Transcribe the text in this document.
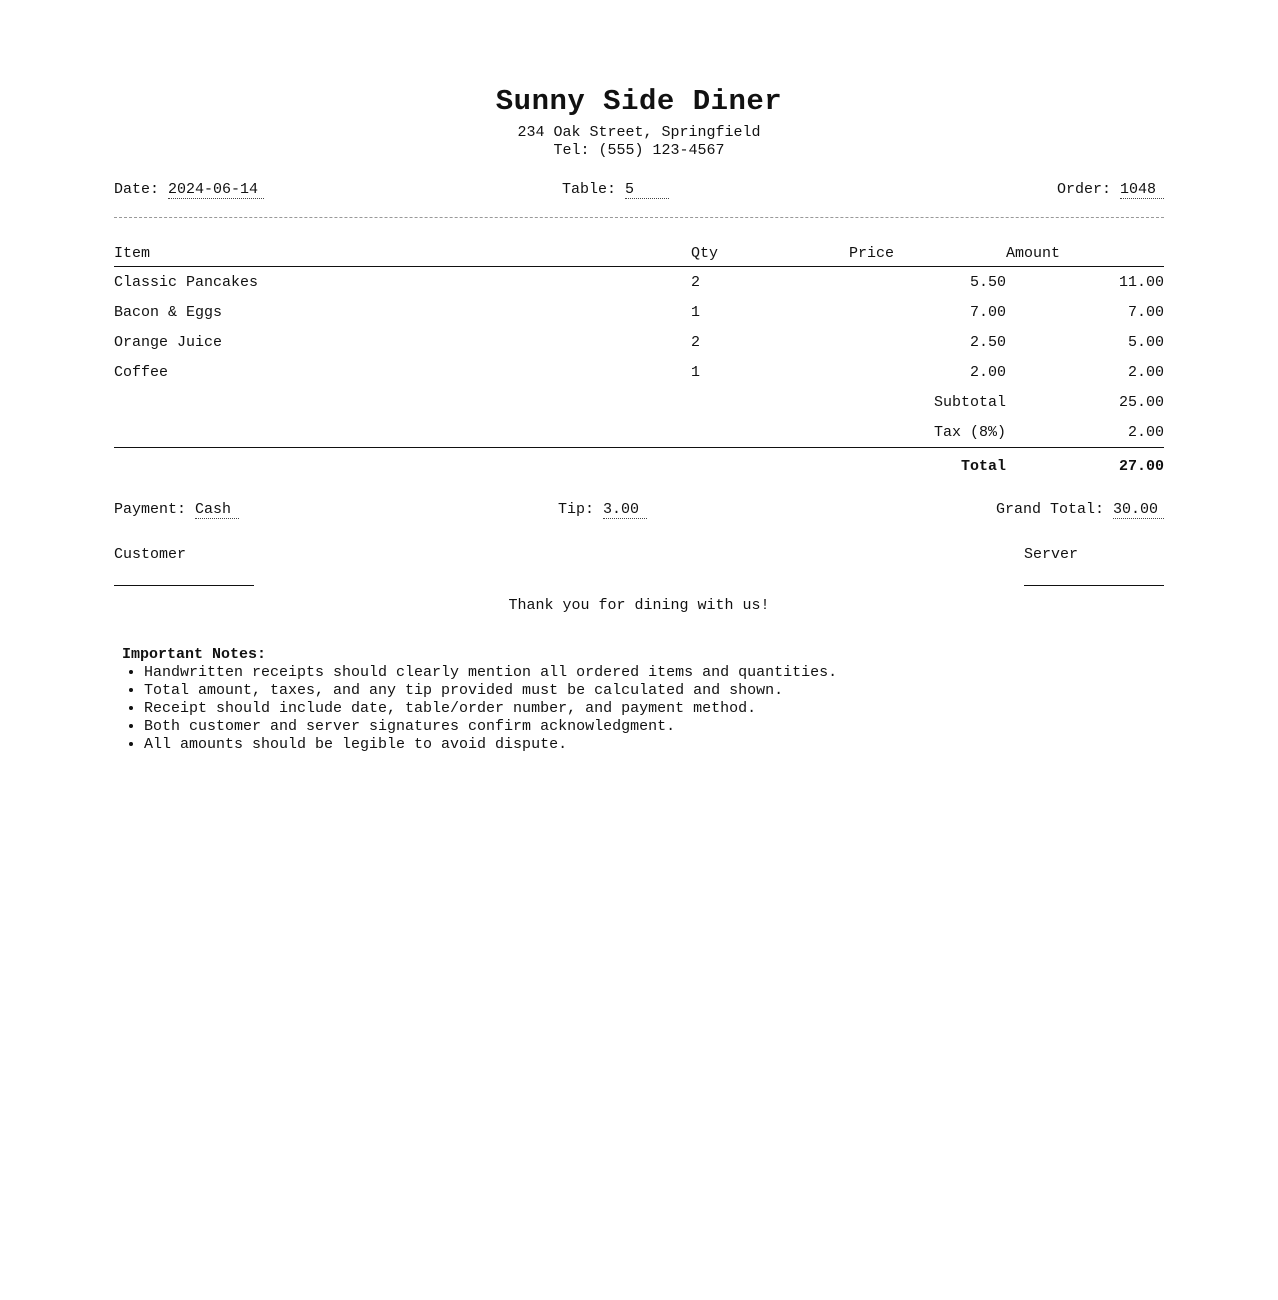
Sunny Side Diner
234 Oak Street, Springfield
Tel: (555) 123-4567
Date: 2024-06-14	Table: 5	Order: 1048
Item	Qty	Price	Amount
Classic Pancakes	2	5.50	11.00
Bacon & Eggs	1	7.00	7.00
Orange Juice	2	2.50	5.00
Coffee	1	2.00	2.00
		Subtotal	25.00
		Tax (8%)	2.00
		Total	27.00
Payment: Cash	Tip: 3.00	Grand Total: 30.00
Customer	Server
Thank you for dining with us!
Important Notes:
• Handwritten receipts should clearly mention all ordered items and quantities.
• Total amount, taxes, and any tip provided must be calculated and shown.
• Receipt should include date, table/order number, and payment method.
• Both customer and server signatures confirm acknowledgment.
• All amounts should be legible to avoid dispute.
